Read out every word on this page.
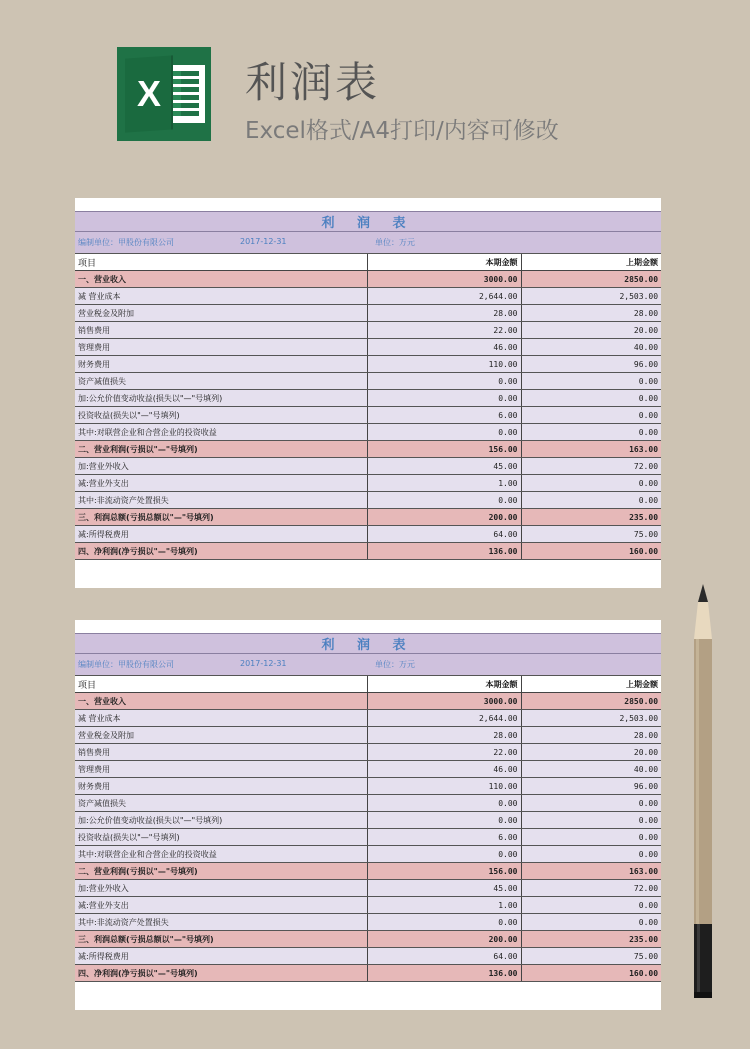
X 利润表
Excel格式/A4打印/内容可修改
利 润 表		

编制单位：甲股份有限公司 2017-12-31 单位：万元		

项目	本期金额	上期金额
一、营业收入	3000.00	2850.00
减 营业成本	2,644.00	2,503.00
营业税金及附加	28.00	28.00
销售费用	22.00	20.00
管理费用	46.00	40.00
财务费用	110.00	96.00
资产减值损失	0.00	0.00
加:公允价值变动收益(损失以"—"号填列)	0.00	0.00
投资收益(损失以"—"号填列)	6.00	0.00
其中:对联营企业和合营企业的投资收益	0.00	0.00
二、营业利润(亏损以"—"号填列)	156.00	163.00
加:营业外收入	45.00	72.00
减:营业外支出	1.00	0.00
其中:非流动资产处置损失	0.00	0.00
三、利润总额(亏损总额以"—"号填列)	200.00	235.00
减:所得税费用	64.00	75.00
四、净利润(净亏损以"—"号填列)	136.00	160.00
利 润 表		

编制单位：甲股份有限公司 2017-12-31 单位：万元		

项目	本期金额	上期金额
一、营业收入	3000.00	2850.00
减 营业成本	2,644.00	2,503.00
营业税金及附加	28.00	28.00
销售费用	22.00	20.00
管理费用	46.00	40.00
财务费用	110.00	96.00
资产减值损失	0.00	0.00
加:公允价值变动收益(损失以"—"号填列)	0.00	0.00
投资收益(损失以"—"号填列)	6.00	0.00
其中:对联营企业和合营企业的投资收益	0.00	0.00
二、营业利润(亏损以"—"号填列)	156.00	163.00
加:营业外收入	45.00	72.00
减:营业外支出	1.00	0.00
其中:非流动资产处置损失	0.00	0.00
三、利润总额(亏损总额以"—"号填列)	200.00	235.00
减:所得税费用	64.00	75.00
四、净利润(净亏损以"—"号填列)	136.00	160.00
